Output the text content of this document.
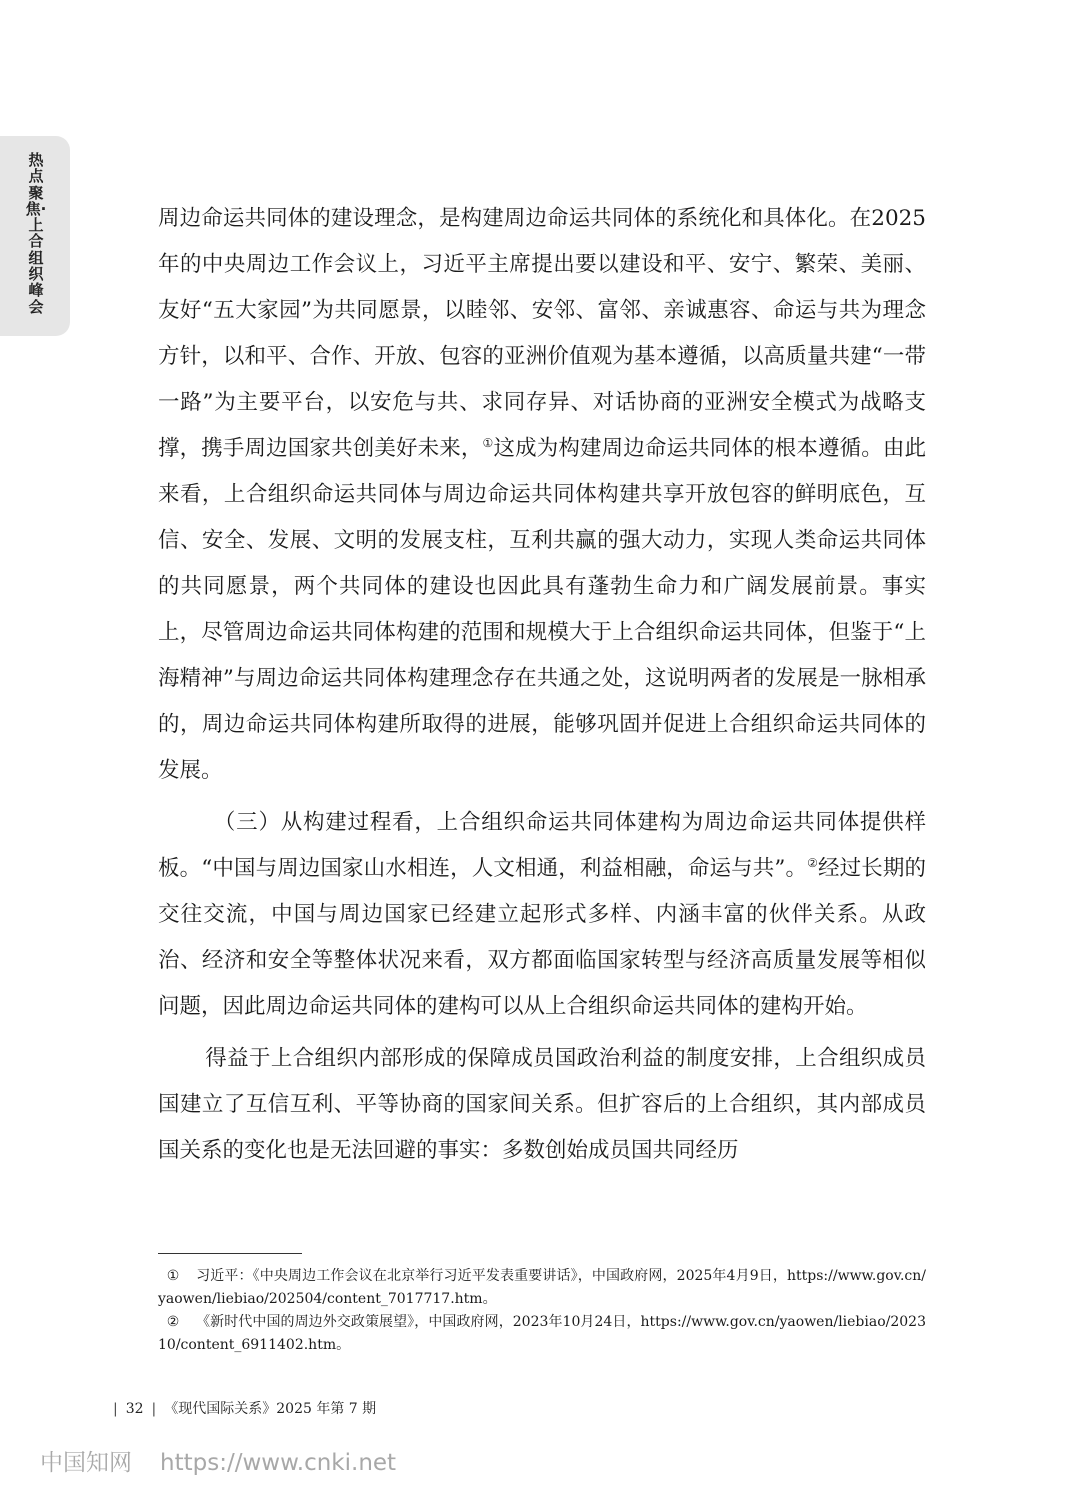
热点聚焦·上合组织峰会

周边命运共同体的建设理念，是构建周边命运共同体的系统化和具体化。在2025年的中央周边工作会议上，习近平主席提出要以建设和平、安宁、繁荣、美丽、友好“五大家园”为共同愿景，以睦邻、安邻、富邻、亲诚惠容、命运与共为理念方针，以和平、合作、开放、包容的亚洲价值观为基本遵循，以高质量共建“一带一路”为主要平台，以安危与共、求同存异、对话协商的亚洲安全模式为战略支撑，携手周边国家共创美好未来，①这成为构建周边命运共同体的根本遵循。由此来看，上合组织命运共同体与周边命运共同体构建共享开放包容的鲜明底色，互信、安全、发展、文明的发展支柱，互利共赢的强大动力，实现人类命运共同体的共同愿景，两个共同体的建设也因此具有蓬勃生命力和广阔发展前景。事实上，尽管周边命运共同体构建的范围和规模大于上合组织命运共同体，但鉴于“上海精神”与周边命运共同体构建理念存在共通之处，这说明两者的发展是一脉相承的，周边命运共同体构建所取得的进展，能够巩固并促进上合组织命运共同体的发展。

（三）从构建过程看，上合组织命运共同体建构为周边命运共同体提供样板。“中国与周边国家山水相连，人文相通，利益相融，命运与共”。②经过长期的交往交流，中国与周边国家已经建立起形式多样、内涵丰富的伙伴关系。从政治、经济和安全等整体状况来看，双方都面临国家转型与经济高质量发展等相似问题，因此周边命运共同体的建构可以从上合组织命运共同体的建构开始。

得益于上合组织内部形成的保障成员国政治利益的制度安排，上合组织成员国建立了互信互利、平等协商的国家间关系。但扩容后的上合组织，其内部成员国关系的变化也是无法回避的事实：多数创始成员国共同经历

① 习近平：《中央周边工作会议在北京举行习近平发表重要讲话》，中国政府网，2025年4月9日，https://www.gov.cn/yaowen/liebiao/202504/content_7017717.htm。

② 《新时代中国的周边外交政策展望》，中国政府网，2023年10月24日，https://www.gov.cn/yaowen/liebiao/202310/content_6911402.htm。

| 32 | 《现代国际关系》2025 年第 7 期
中国知网 https://www.cnki.net
